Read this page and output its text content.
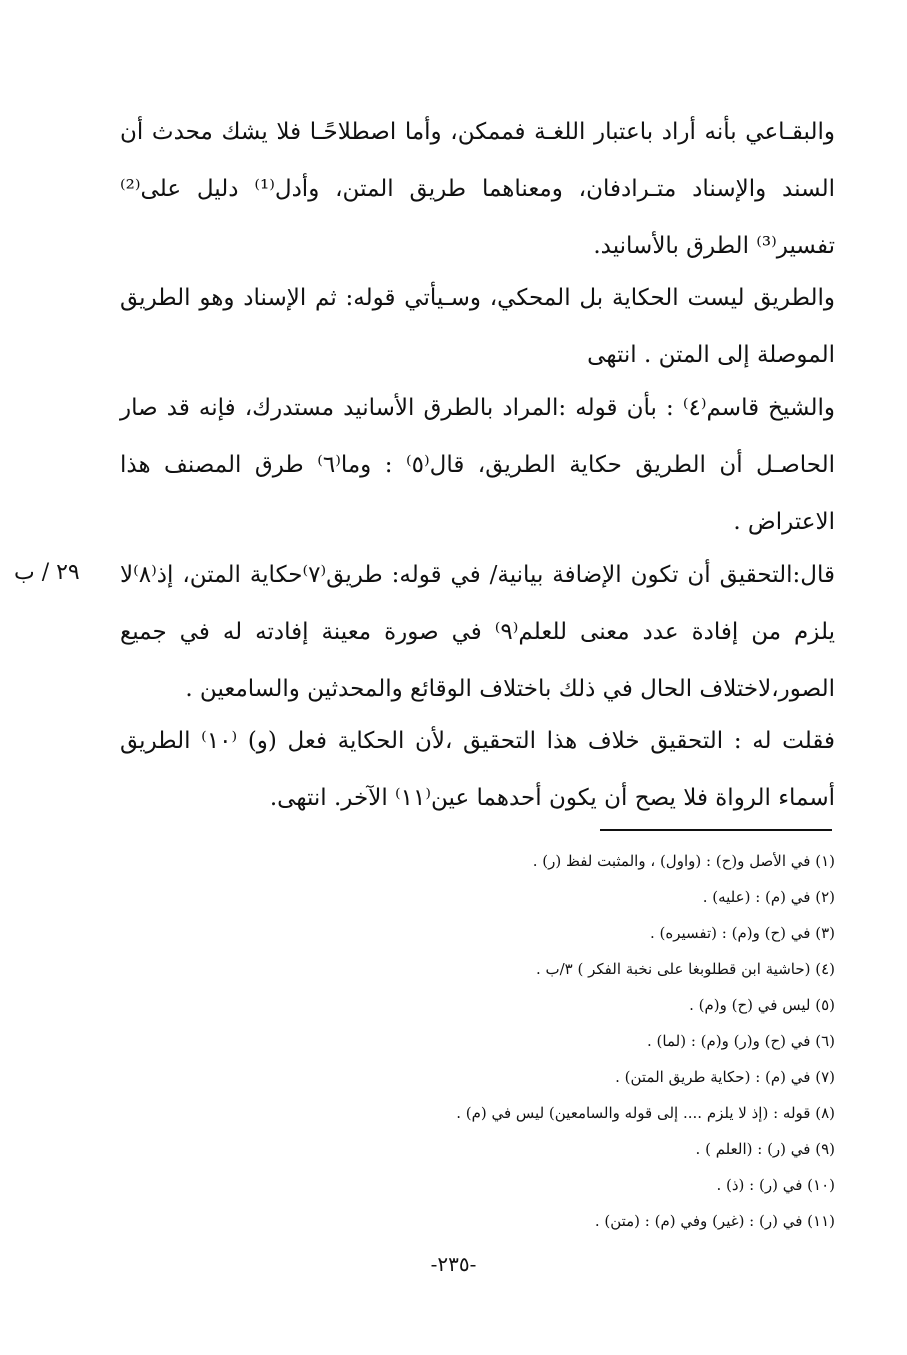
٢٩ / ب

والبقـاعي بأنه أراد باعتبار اللغـة فممكن، وأما اصطلاحًـا فلا يشك محدث أن السند والإسناد متـرادفان، ومعناهما طريق المتن، وأدل⁽¹⁾ دليل على⁽²⁾ تفسير⁽³⁾ الطرق بالأسانيد.

والطريق ليست الحكاية بل المحكي، وسـيأتي قوله: ثم الإسناد وهو الطريق الموصلة إلى المتن . انتهى

والشيخ قاسم⁽٤⁾ : بأن قوله :المراد بالطرق الأسانيد مستدرك، فإنه قد صار الحاصـل أن الطريق حكاية الطريق، قال⁽٥⁾ : وما⁽٦⁾ طرق المصنف هذا الاعتراض .

قال:التحقيق أن تكون الإضافة بيانية/ في قوله: طريق⁽٧⁾حكاية المتن، إذ⁽٨⁾لا يلزم من إفادة عدد معنى للعلم⁽٩⁾ في صورة معينة إفادته له في جميع الصور،لاختلاف الحال في ذلك باختلاف الوقائع والمحدثين والسامعين .

فقلت له : التحقيق خلاف هذا التحقيق ،لأن الحكاية فعل (و) ⁽١٠⁾ الطريق أسماء الرواة فلا يصح أن يكون أحدهما عين⁽١١⁾ الآخر. انتهى.

(١) في الأصل و(ح) : (واول) ، والمثبت لفظ (ر) .
(٢) في (م) : (عليه) .
(٣) في (ح) و(م) : (تفسيره) .
(٤) (حاشية ابن قطلوبغا على نخبة الفكر ) ٣/ب .
(٥) ليس في (ح) و(م) .
(٦) في (ح) و(ر) و(م) : (لما) .
(٧) في (م) : (حكاية طريق المتن) .
(٨) قوله : (إذ لا يلزم .... إلى قوله والسامعين) ليس في (م) .
(٩) في (ر) : (العلم ) .
(١٠) في (ر) : (ذ) .
(١١) في (ر) : (غير) وفي (م) : (متن) .
-٢٣٥-
